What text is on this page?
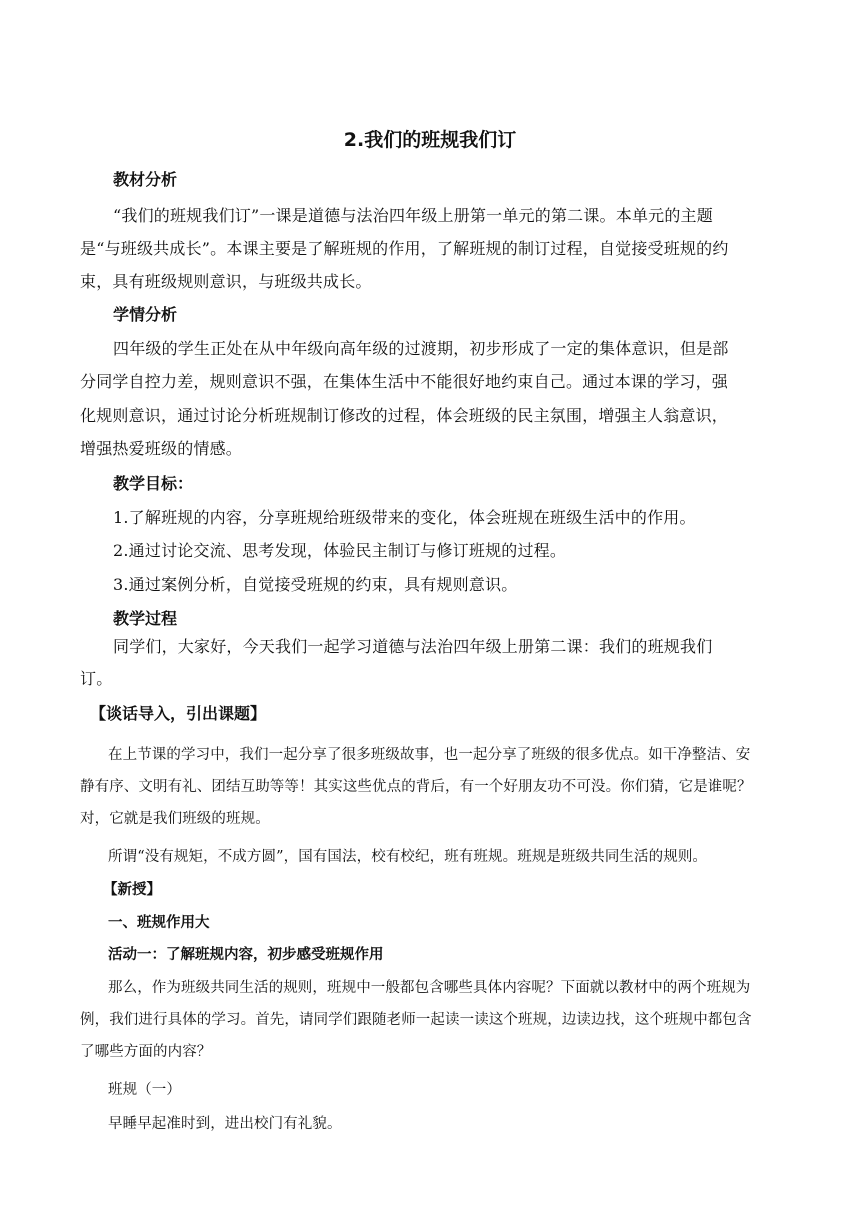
2.我们的班规我们订
教材分析
“我们的班规我们订”一课是道德与法治四年级上册第一单元的第二课。本单元的主题
是“与班级共成长”。本课主要是了解班规的作用，了解班规的制订过程，自觉接受班规的约
束，具有班级规则意识，与班级共成长。
学情分析
四年级的学生正处在从中年级向高年级的过渡期，初步形成了一定的集体意识，但是部
分同学自控力差，规则意识不强，在集体生活中不能很好地约束自己。通过本课的学习，强
化规则意识，通过讨论分析班规制订修改的过程，体会班级的民主氛围，增强主人翁意识，
增强热爱班级的情感。
教学目标：
1.了解班规的内容，分享班规给班级带来的变化，体会班规在班级生活中的作用。
2.通过讨论交流、思考发现，体验民主制订与修订班规的过程。
3.通过案例分析，自觉接受班规的约束，具有规则意识。
教学过程
同学们，大家好，今天我们一起学习道德与法治四年级上册第二课：我们的班规我们
订。
【谈话导入，引出课题】
在上节课的学习中，我们一起分享了很多班级故事，也一起分享了班级的很多优点。如干净整洁、安
静有序、文明有礼、团结互助等等！其实这些优点的背后，有一个好朋友功不可没。你们猜，它是谁呢？
对，它就是我们班级的班规。
所谓“没有规矩，不成方圆”，国有国法，校有校纪，班有班规。班规是班级共同生活的规则。
【新授】
一、班规作用大
活动一：了解班规内容，初步感受班规作用
那么，作为班级共同生活的规则，班规中一般都包含哪些具体内容呢？下面就以教材中的两个班规为
例，我们进行具体的学习。首先，请同学们跟随老师一起读一读这个班规，边读边找，这个班规中都包含
了哪些方面的内容？
班规（一）
早睡早起准时到，进出校门有礼貌。
